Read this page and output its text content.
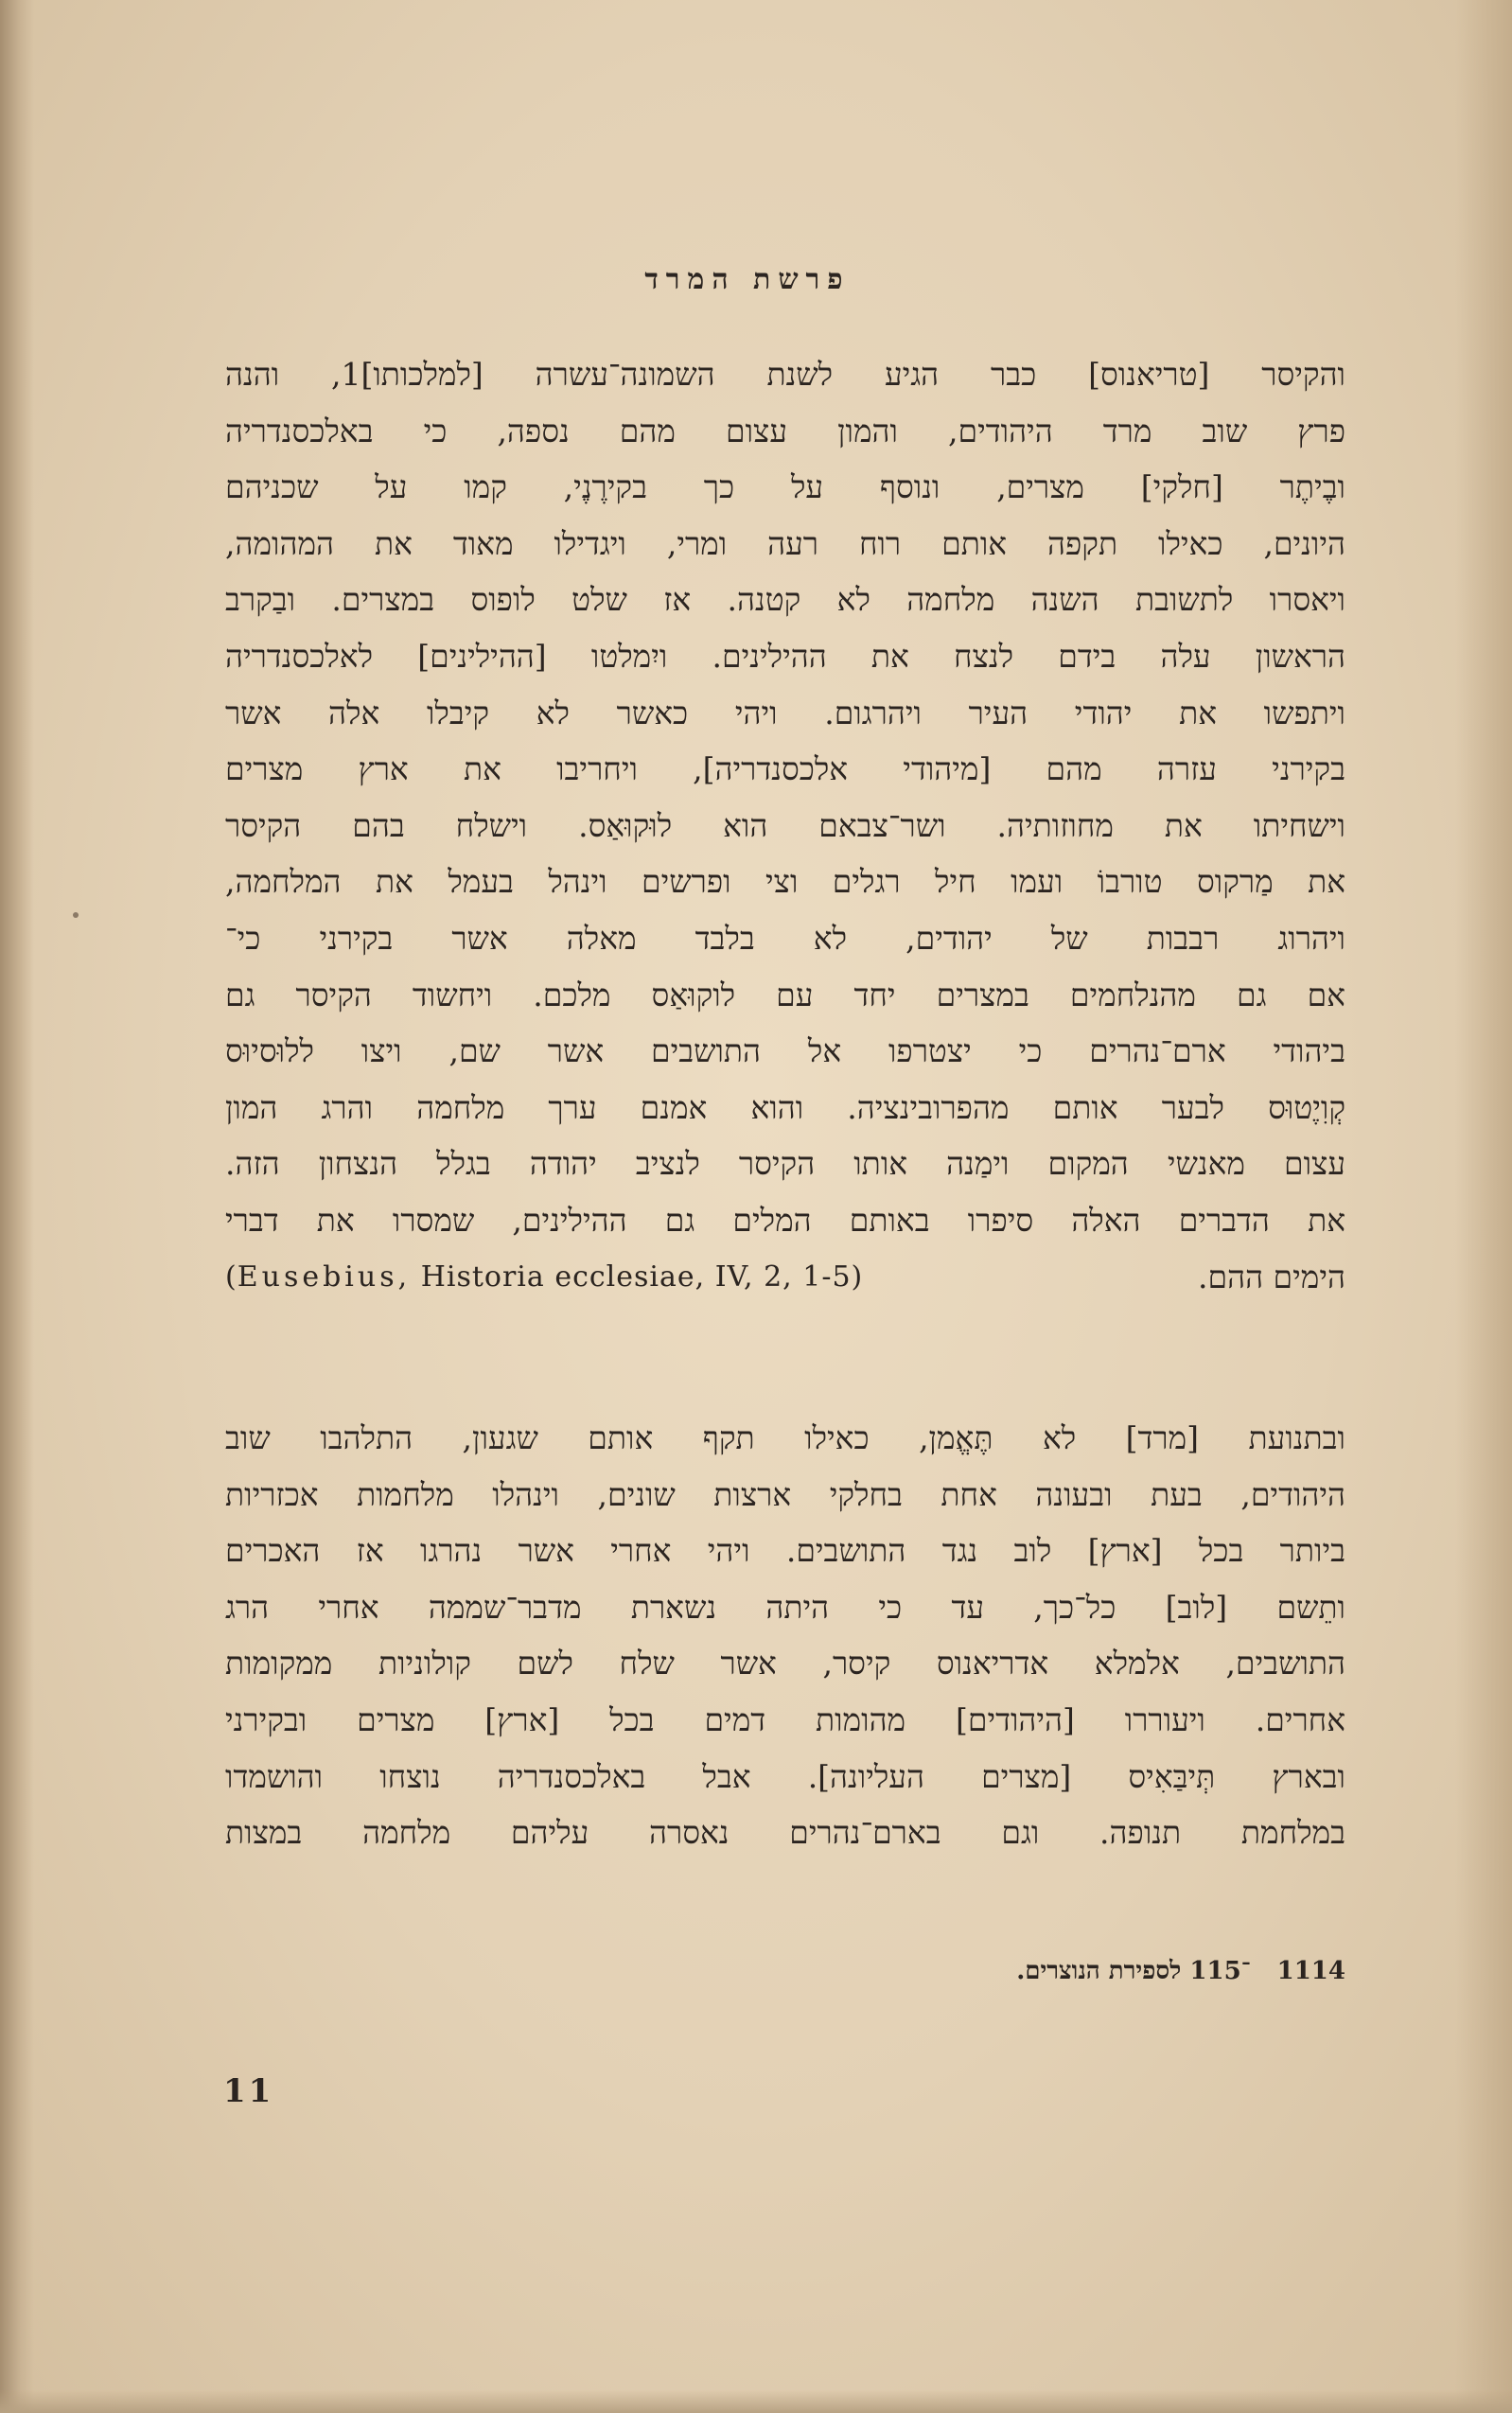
פרשת המרד
והקיסר [טריאנוס] כבר הגיע לשנת השמונה־עשרה [למלכותו]1, והנה
פרץ שוב מרד היהודים, והמון עצום מהם נספה, כי באלכסנדריה
ובֶיתֶר [חלקי] מצרים, ונוסף על כך בקירֶנֶי, קמו על שכניהם
היונים, כאילו תקפה אותם רוח רעה ומרי, ויגדילו מאוד את המהומה,
ויאסרו לתשובת השנה מלחמה לא קטנה. אז שלט לופוס במצרים. ובַקרב
הראשון עלה בידם לנצח את ההילינים. ויִמלטו [ההילינים] לאלכסנדריה
ויתפשו את יהודי העיר ויהרגום. ויהי כאשר לא קיבלו אלה אשר
בקירני עזרה מהם [מיהודי אלכסנדריה], ויחריבו את ארץ מצרים
וישחיתו את מחוזותיה. ושר־צבאם הוא לוּקוּאַס. וישלח בהם הקיסר
את מַרקוס טורבוֹ ועמו חיל רגלים וצי ופרשים וינהל בעמל את המלחמה,
ויהרוג רבבות של יהודים, לא בלבד מאלה אשר בקירני כי־
אם גם מהנלחמים במצרים יחד עם לוקוּאַס מלכם. ויחשוד הקיסר גם
ביהודי ארם־נהרים כי יצטרפו אל התושבים אשר שם, ויצו ללוּסיוּס
קְוִיֶטוּס לבער אותם מהפרובינציה. והוא אמנם ערך מלחמה והרג המון
עצום מאנשי המקום וימַנה אותו הקיסר לנציב יהודה בגלל הנצחון הזה.
את הדברים האלה סיפרו באותם המלים גם ההילינים, שמסרו את דברי
הימים ההם.
(Eusebius, Historia ecclesiae, IV, 2, 1-5)
ובתנועת [מרד] לא תֶּאֱמן, כאילו תקף אותם שגעון, התלהבו שוב
היהודים, בעת ובעונה אחת בחלקי ארצות שונים, וינהלו מלחמות אכזריות
ביותר בכל [ארץ] לוב נגד התושבים. ויהי אחרי אשר נהרגו אז האכרים
ותֵשם [לוב] כל־כך, עד כי היתה נשארת מדבר־שממה אחרי הרג
התושבים, אלמלא אדריאנוס קיסר, אשר שלח לשם קולוניות ממקומות
אחרים. ויעוררו [היהודים] מהומות דמים בכל [ארץ] מצרים ובקירני
ובארץ תְּיבַּאִיס [מצרים העליונה]. אבל באלכסנדריה נוצחו והושמדו
במלחמת תנופה. וגם בארם־נהרים נאסרה עליהם מלחמה במצות
1114־115 לספירת הנוצרים.
11
